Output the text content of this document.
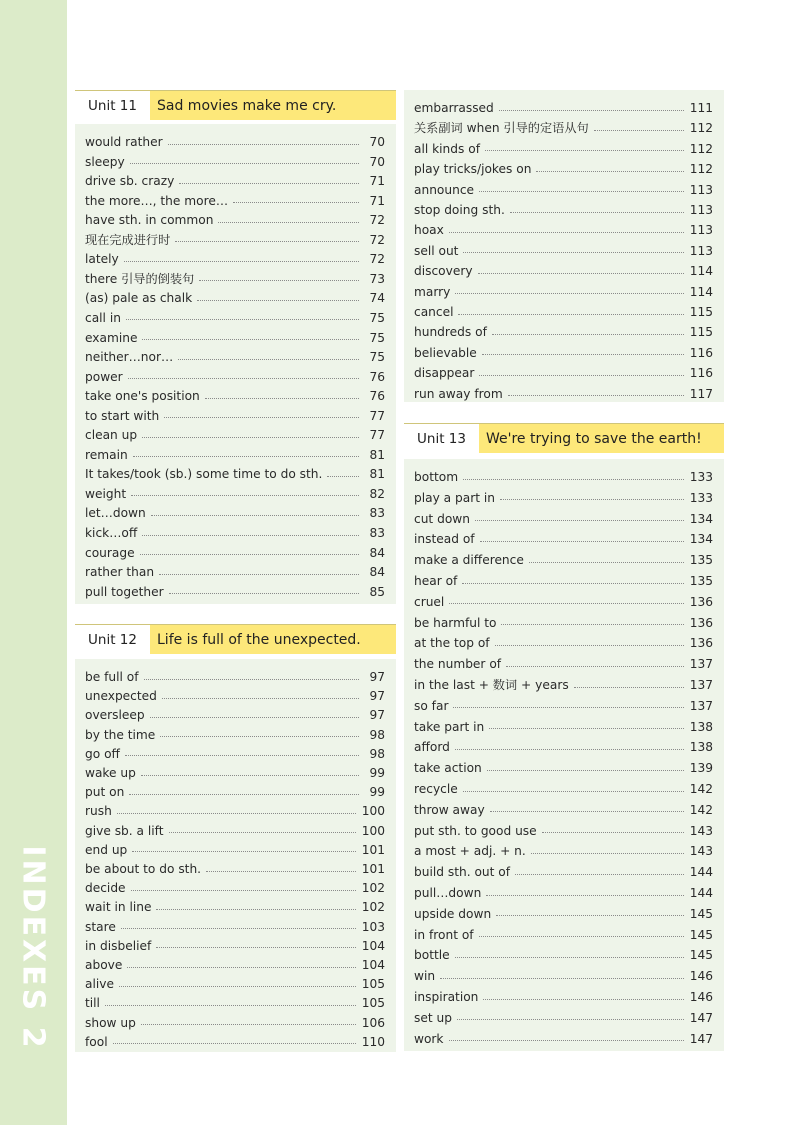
INDEXES 2
Unit 11	Sad movies make me cry.
would rather	70
sleepy	70
drive sb. crazy	71
the more…, the more…	71
have sth. in common	72
现在完成进行时	72
lately	72
there 引导的倒装句	73
(as) pale as chalk	74
call in	75
examine	75
neither…nor…	75
power	76
take one's position	76
to start with	77
clean up	77
remain	81
It takes/took (sb.) some time to do sth.	81
weight	82
let…down	83
kick…off	83
courage	84
rather than	84
pull together	85
Unit 12	Life is full of the unexpected.
be full of	97
unexpected	97
oversleep	97
by the time	98
go off	98
wake up	99
put on	99
rush	100
give sb. a lift	100
end up	101
be about to do sth.	101
decide	102
wait in line	102
stare	103
in disbelief	104
above	104
alive	105
till	105
show up	106
fool	110
embarrassed	111
关系副词 when 引导的定语从句	112
all kinds of	112
play tricks/jokes on	112
announce	113
stop doing sth.	113
hoax	113
sell out	113
discovery	114
marry	114
cancel	115
hundreds of	115
believable	116
disappear	116
run away from	117
Unit 13	We're trying to save the earth!
bottom	133
play a part in	133
cut down	134
instead of	134
make a difference	135
hear of	135
cruel	136
be harmful to	136
at the top of	136
the number of	137
in the last + 数词 + years	137
so far	137
take part in	138
afford	138
take action	139
recycle	142
throw away	142
put sth. to good use	143
a most + adj. + n.	143
build sth. out of	144
pull…down	144
upside down	145
in front of	145
bottle	145
win	146
inspiration	146
set up	147
work	147
